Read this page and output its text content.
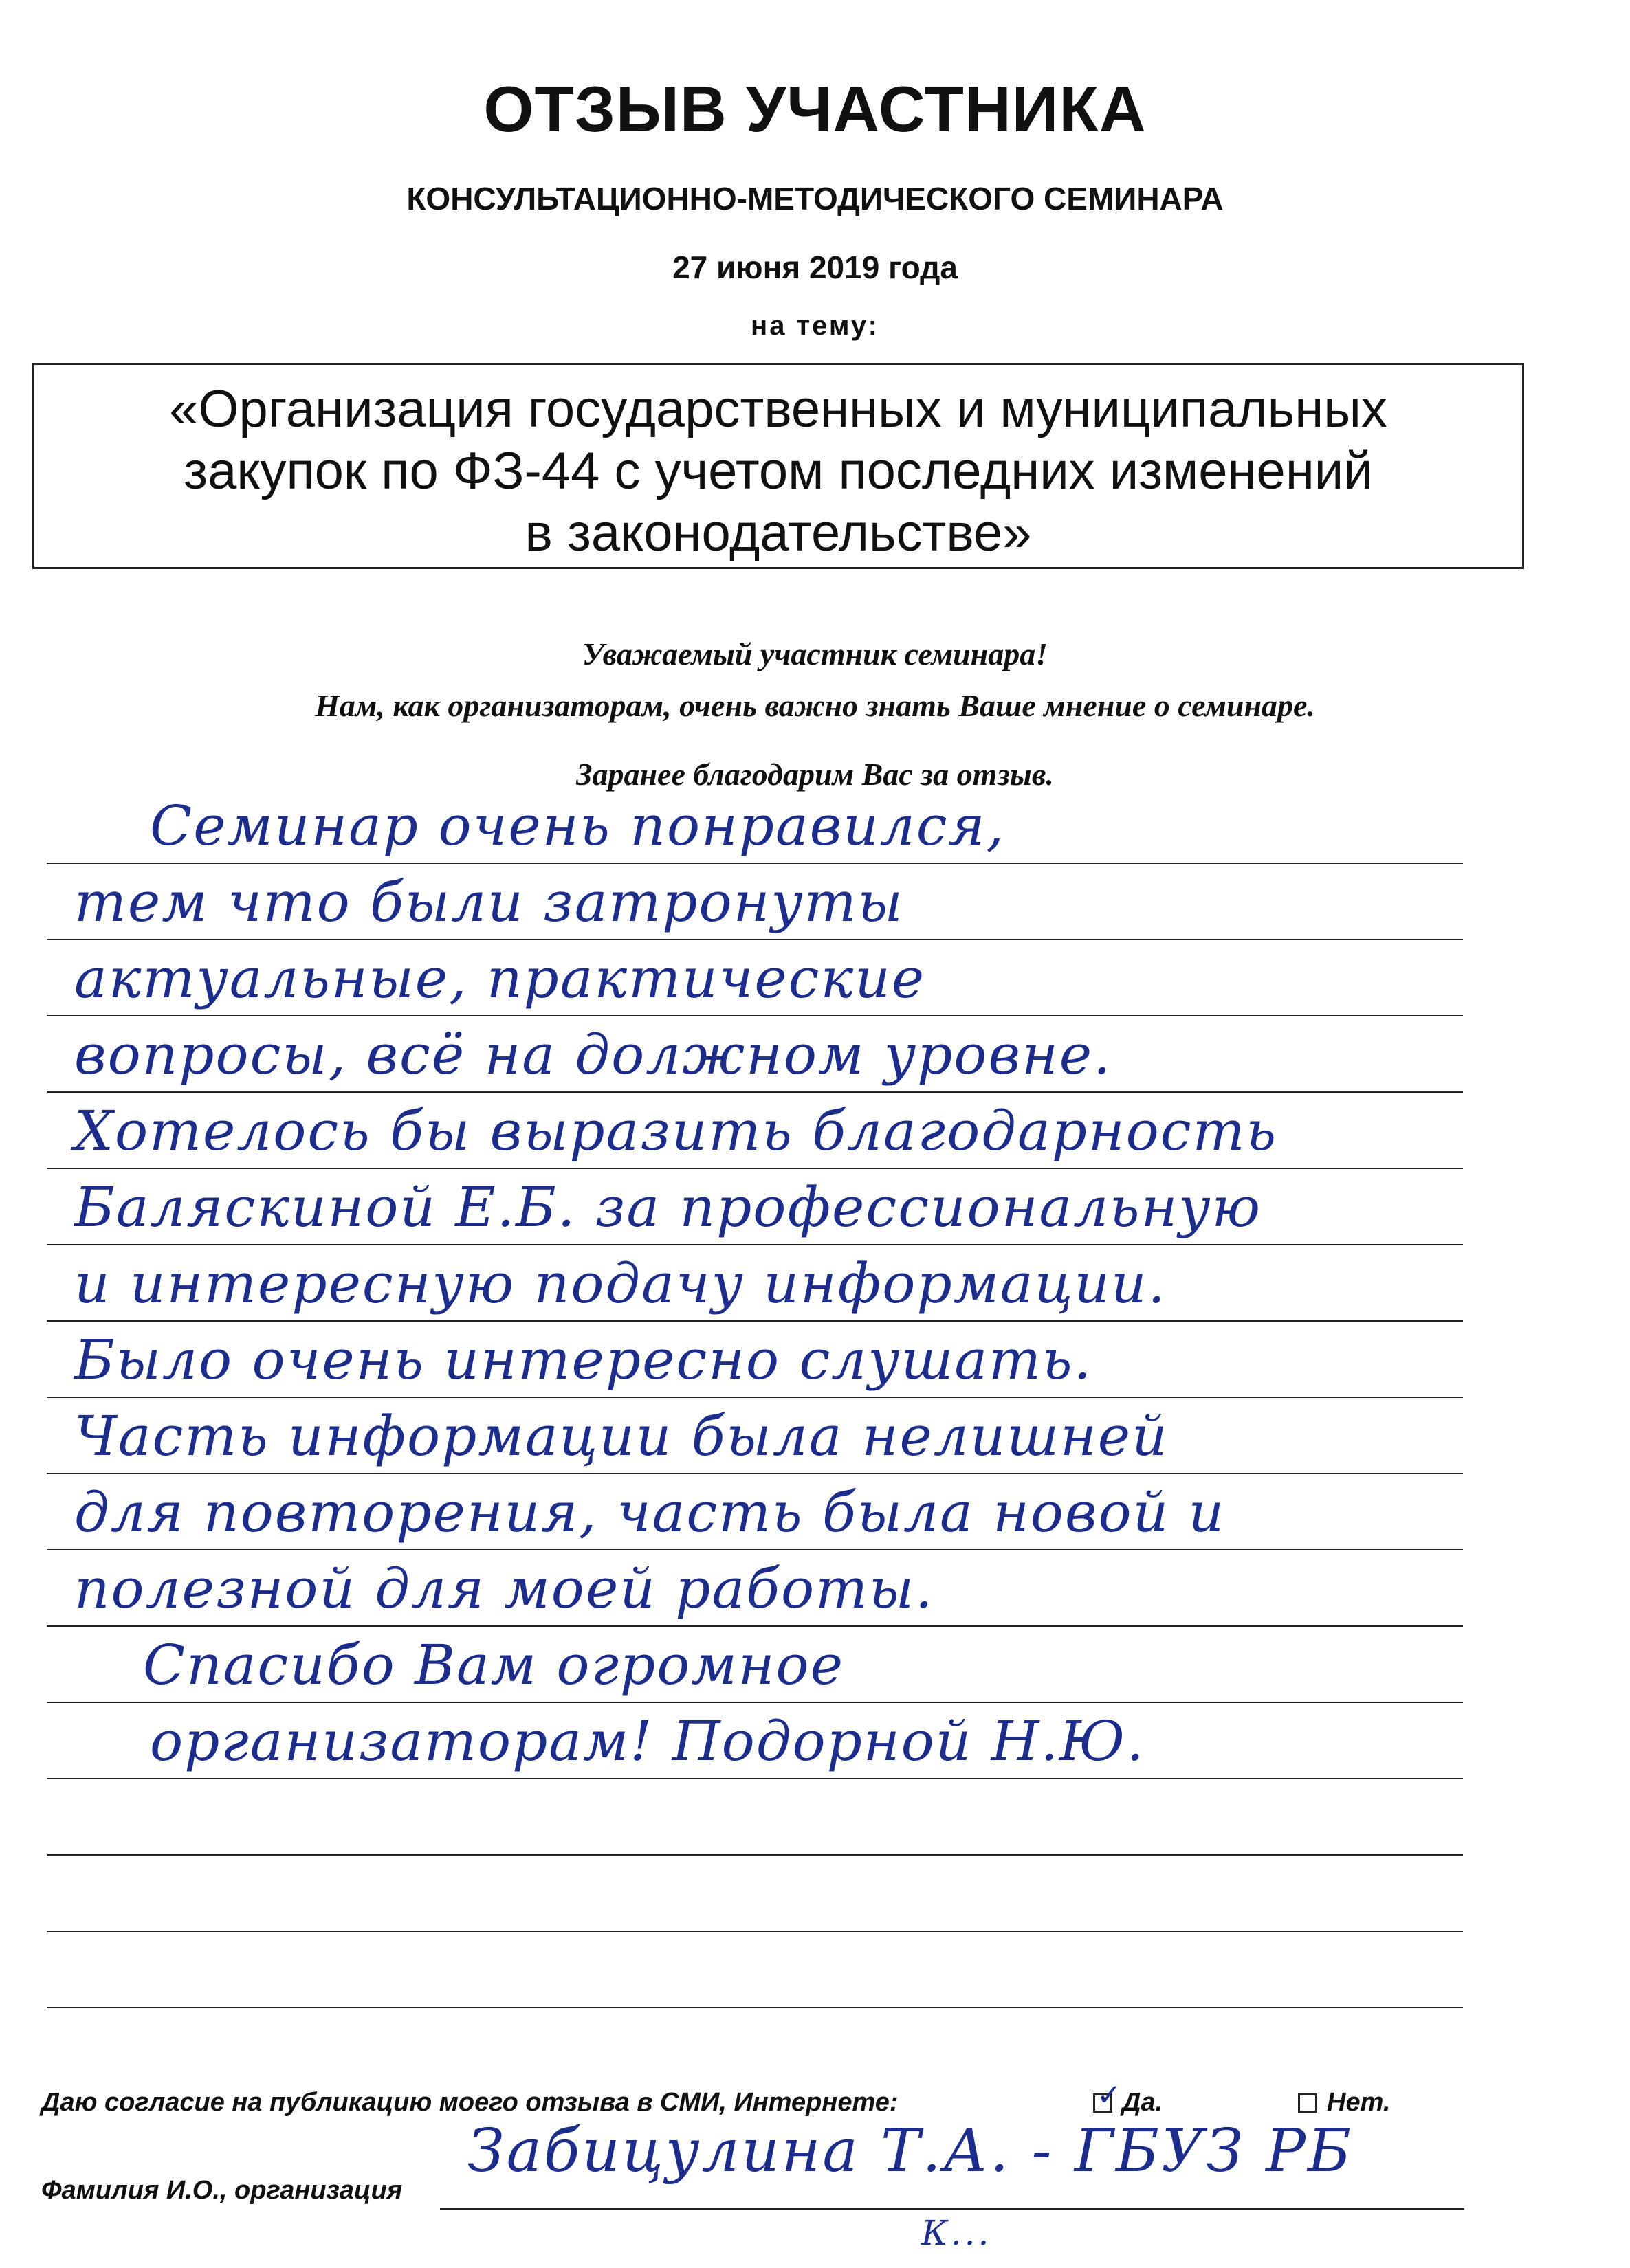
ОТЗЫВ УЧАСТНИКА
КОНСУЛЬТАЦИОННО-МЕТОДИЧЕСКОГО СЕМИНАРА
27 июня 2019 года
на тему:
«Организация государственных и муниципальных
закупок по ФЗ-44 с учетом последних изменений
в законодательстве»
Уважаемый участник семинара!
Нам, как организаторам, очень важно знать Ваше мнение о семинаре.
Заранее благодарим Вас за отзыв.
Семинар очень понравился,
тем что были затронуты
актуальные, практические
вопросы, всё на должном уровне.
Хотелось бы выразить благодарность
Баляскиной Е.Б. за профессиональную
и интересную подачу информации.
Было очень интересно слушать.
Часть информации была нелишней
для повторения, часть была новой и
полезной для моей работы.
Спасибо Вам огромное
организаторам! Подорной Н.Ю.
Даю согласие на публикацию моего отзыва в СМИ, Интернете:	✓ Да.	Нет.
Фамилия И.О., организация
Забицулина Т.А. - ГБУЗ РБ
К...
